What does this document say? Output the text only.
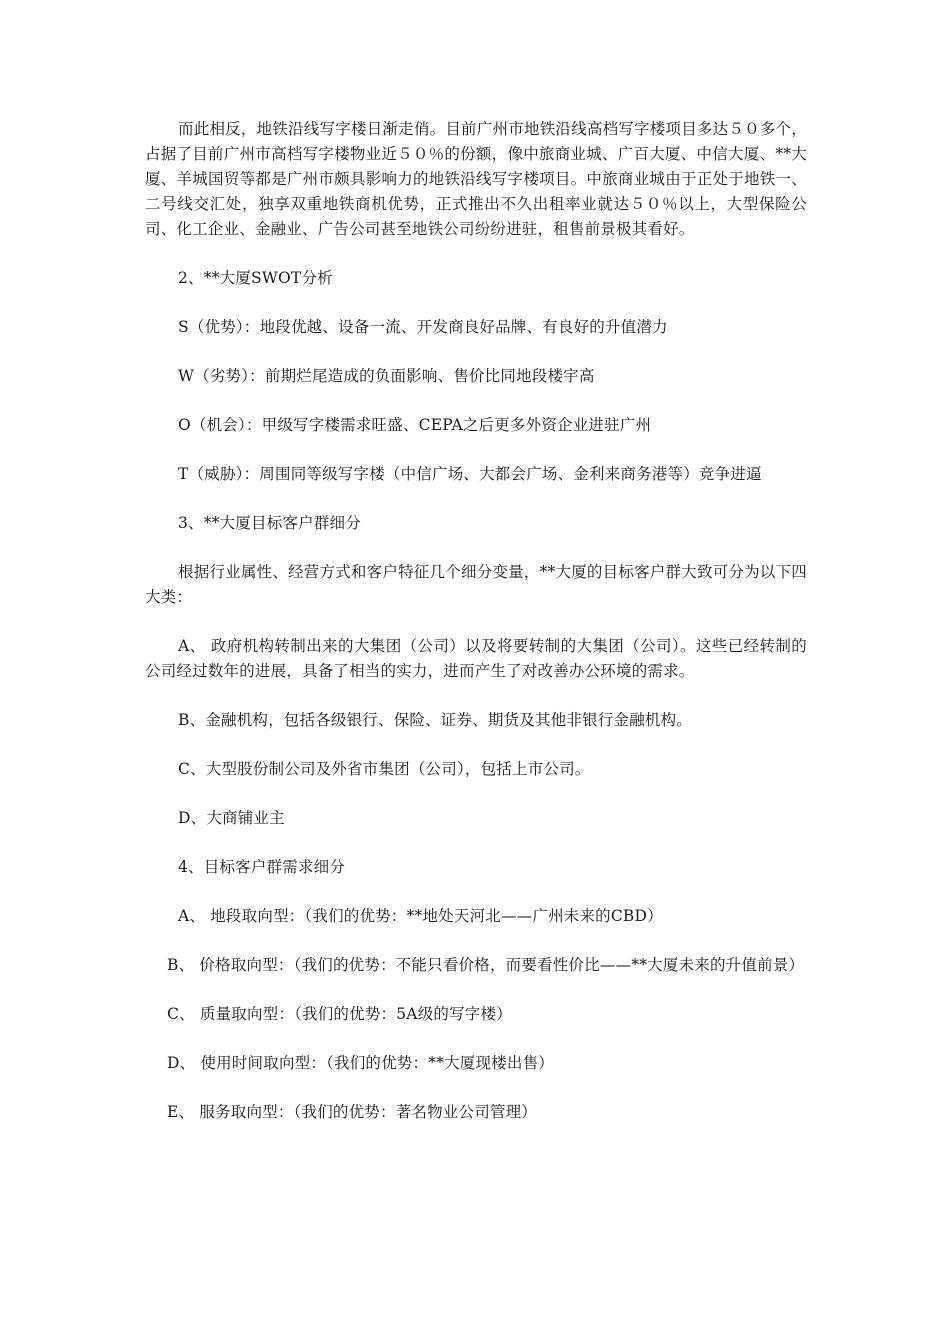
而此相反，地铁沿线写字楼日渐走俏。目前广州市地铁沿线高档写字楼项目多达５０多个，占据了目前广州市高档写字楼物业近５０％的份额，像中旅商业城、广百大厦、中信大厦、**大厦、羊城国贸等都是广州市颇具影响力的地铁沿线写字楼项目。中旅商业城由于正处于地铁一、二号线交汇处，独享双重地铁商机优势，正式推出不久出租率业就达５０％以上，大型保险公司、化工企业、金融业、广告公司甚至地铁公司纷纷进驻，租售前景极其看好。

2、**大厦SWOT分析

S（优势）：地段优越、设备一流、开发商良好品牌、有良好的升值潜力

W（劣势）：前期烂尾造成的负面影响、售价比同地段楼宇高

O（机会）：甲级写字楼需求旺盛、CEPA之后更多外资企业进驻广州

T（威胁）：周围同等级写字楼（中信广场、大都会广场、金利来商务港等）竞争进逼

3、**大厦目标客户群细分

根据行业属性、经营方式和客户特征几个细分变量，**大厦的目标客户群大致可分为以下四大类：

A、 政府机构转制出来的大集团（公司）以及将要转制的大集团（公司）。这些已经转制的公司经过数年的进展，具备了相当的实力，进而产生了对改善办公环境的需求。

B、金融机构，包括各级银行、保险、证券、期货及其他非银行金融机构。

C、大型股份制公司及外省市集团（公司），包括上市公司。

D、大商铺业主

4、目标客户群需求细分

A、 地段取向型：（我们的优势：**地处天河北——广州未来的CBD）

B、 价格取向型：（我们的优势：不能只看价格，而要看性价比——**大厦未来的升值前景）

C、 质量取向型：（我们的优势：5A级的写字楼）

D、 使用时间取向型：（我们的优势：**大厦现楼出售）

E、 服务取向型：（我们的优势：著名物业公司管理）
